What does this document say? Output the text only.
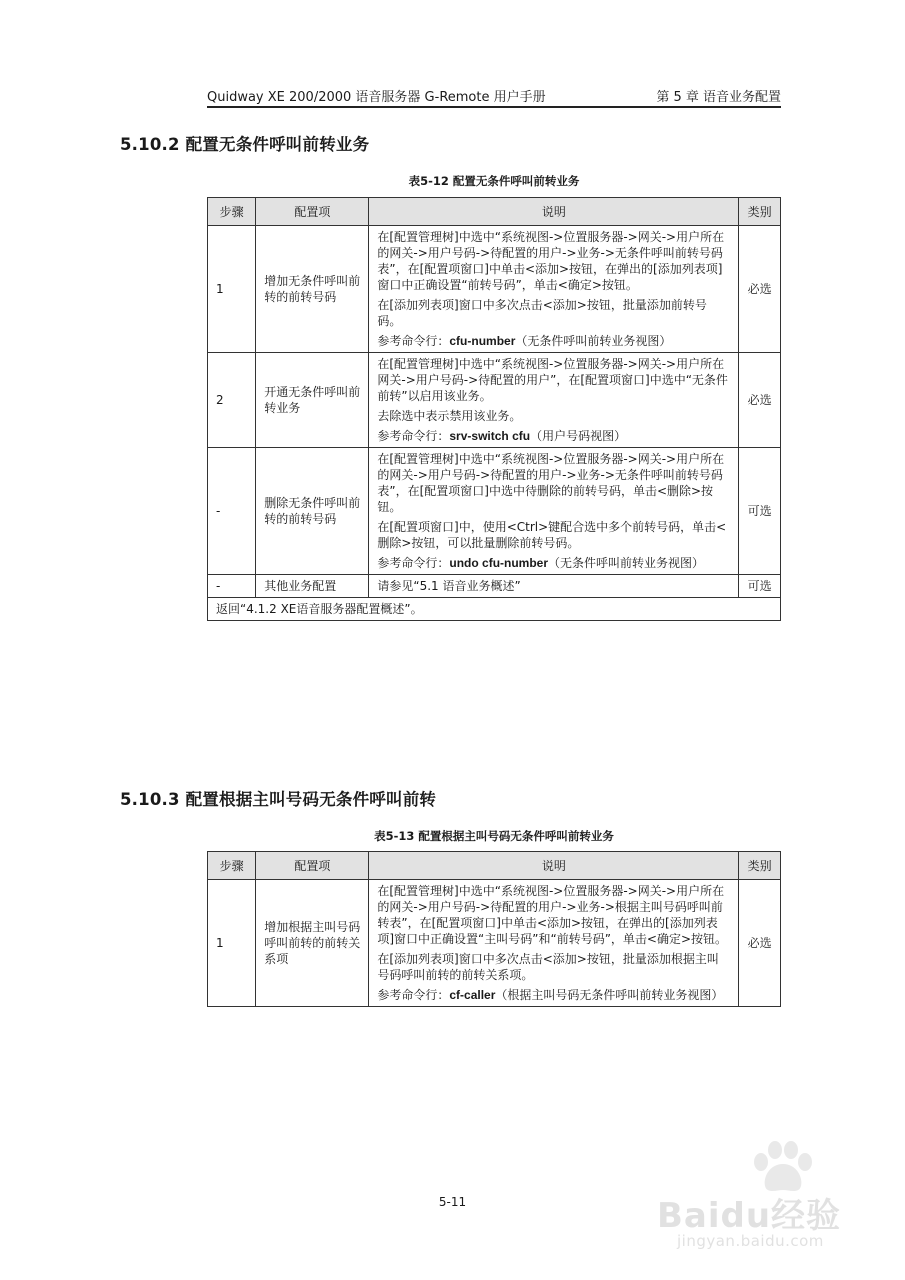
Quidway XE 200/2000 语音服务器 G-Remote 用户手册	第 5 章 语音业务配置
5.10.2 配置无条件呼叫前转业务
表5-12 配置无条件呼叫前转业务
步骤	配置项	说明	类别
1	增加无条件呼叫前转的前转号码	在[配置管理树]中选中“系统视图->位置服务器->网关->用户所在的网关->用户号码->待配置的用户->业务->无条件呼叫前转号码表”，在[配置项窗口]中单击<添加>按钮，在弹出的[添加列表项]窗口中正确设置“前转号码”，单击<确定>按钮。

在[添加列表项]窗口中多次点击<添加>按钮，批量添加前转号码。

参考命令行：cfu-number（无条件呼叫前转业务视图）	必选
2	开通无条件呼叫前转业务	在[配置管理树]中选中“系统视图->位置服务器->网关->用户所在网关->用户号码->待配置的用户”，在[配置项窗口]中选中“无条件前转”以启用该业务。

去除选中表示禁用该业务。

参考命令行：srv-switch cfu（用户号码视图）	必选
-	删除无条件呼叫前转的前转号码	在[配置管理树]中选中“系统视图->位置服务器->网关->用户所在的网关->用户号码->待配置的用户->业务->无条件呼叫前转号码表”，在[配置项窗口]中选中待删除的前转号码，单击<删除>按钮。

在[配置项窗口]中，使用<Ctrl>键配合选中多个前转号码，单击<删除>按钮，可以批量删除前转号码。

参考命令行：undo cfu-number（无条件呼叫前转业务视图）	可选
-	其他业务配置	请参见“5.1 语音业务概述”	可选
返回“4.1.2 XE语音服务器配置概述”。			
5.10.3 配置根据主叫号码无条件呼叫前转
表5-13 配置根据主叫号码无条件呼叫前转业务
步骤	配置项	说明	类别
1	增加根据主叫号码呼叫前转的前转关系项	在[配置管理树]中选中“系统视图->位置服务器->网关->用户所在的网关->用户号码->待配置的用户->业务->根据主叫号码呼叫前转表”，在[配置项窗口]中单击<添加>按钮，在弹出的[添加列表项]窗口中正确设置“主叫号码”和“前转号码”，单击<确定>按钮。

在[添加列表项]窗口中多次点击<添加>按钮，批量添加根据主叫号码呼叫前转的前转关系项。

参考命令行：cf-caller（根据主叫号码无条件呼叫前转业务视图）	必选
5-11	Baidu经验
jingyan.baidu.com
